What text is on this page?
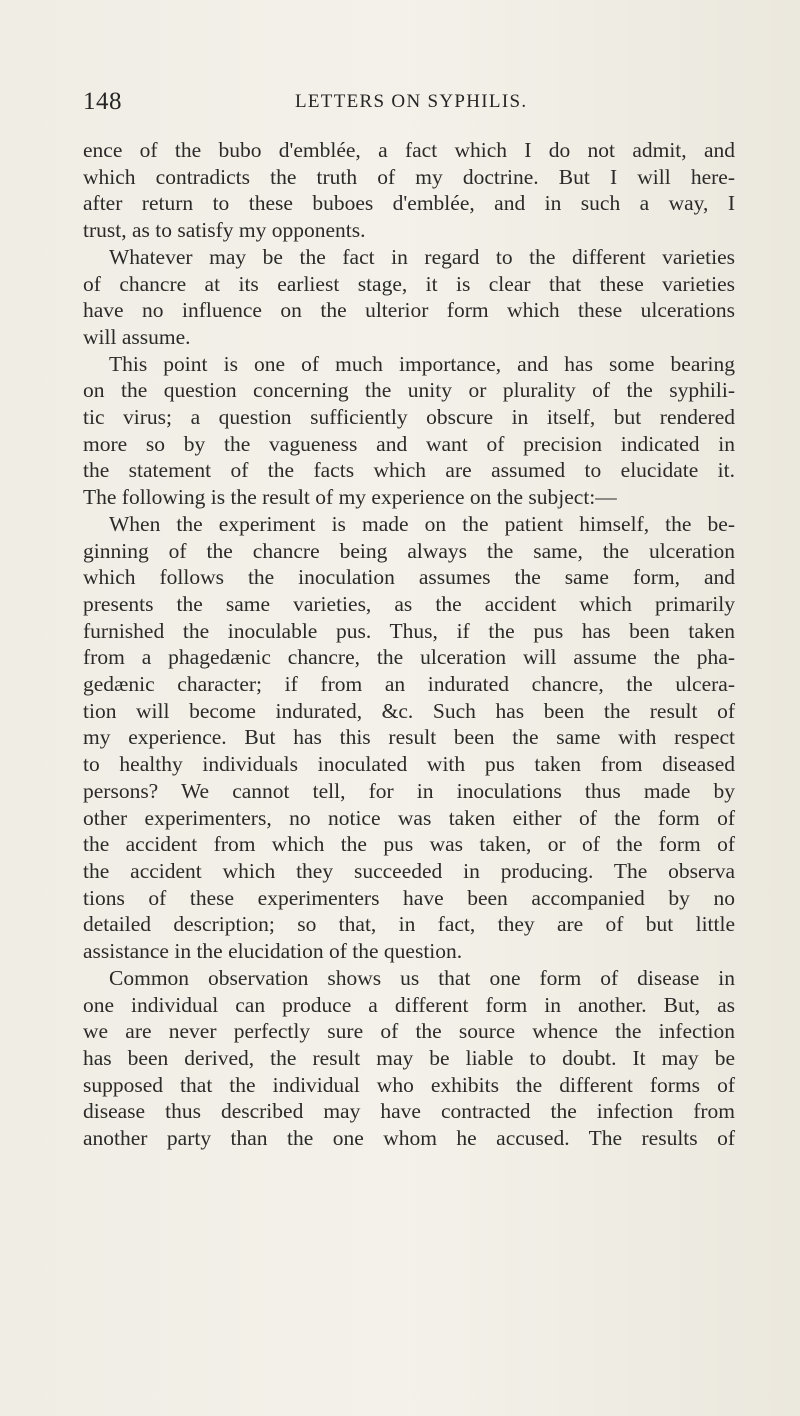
148	LETTERS ON SYPHILIS.

ence of the bubo d'emblée, a fact which I do not admit, and
which contradicts the truth of my doctrine. But I will here-
after return to these buboes d'emblée, and in such a way, I
trust, as to satisfy my opponents.

Whatever may be the fact in regard to the different varieties
of chancre at its earliest stage, it is clear that these varieties
have no influence on the ulterior form which these ulcerations
will assume.

This point is one of much importance, and has some bearing
on the question concerning the unity or plurality of the syphili-
tic virus; a question sufficiently obscure in itself, but rendered
more so by the vagueness and want of precision indicated in
the statement of the facts which are assumed to elucidate it.
The following is the result of my experience on the subject:—

When the experiment is made on the patient himself, the be-
ginning of the chancre being always the same, the ulceration
which follows the inoculation assumes the same form, and
presents the same varieties, as the accident which primarily
furnished the inoculable pus. Thus, if the pus has been taken
from a phagedænic chancre, the ulceration will assume the pha-
gedænic character; if from an indurated chancre, the ulcera-
tion will become indurated, &c. Such has been the result of
my experience. But has this result been the same with respect
to healthy individuals inoculated with pus taken from diseased
persons? We cannot tell, for in inoculations thus made by
other experimenters, no notice was taken either of the form of
the accident from which the pus was taken, or of the form of
the accident which they succeeded in producing. The observa
tions of these experimenters have been accompanied by no
detailed description; so that, in fact, they are of but little
assistance in the elucidation of the question.

Common observation shows us that one form of disease in
one individual can produce a different form in another. But, as
we are never perfectly sure of the source whence the infection
has been derived, the result may be liable to doubt. It may be
supposed that the individual who exhibits the different forms of
disease thus described may have contracted the infection from
another party than the one whom he accused. The results of
